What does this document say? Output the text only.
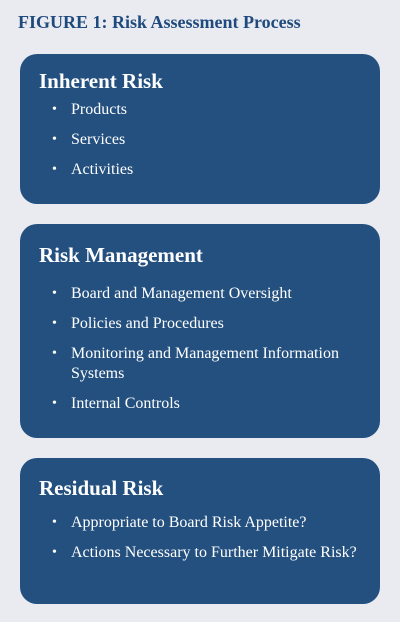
FIGURE 1: Risk Assessment Process
Inherent Risk
• Products
• Services
• Activities
Risk Management
• Board and Management Oversight
• Policies and Procedures
• Monitoring and Management Information Systems
• Internal Controls
Residual Risk
• Appropriate to Board Risk Appetite?
• Actions Necessary to Further Mitigate Risk?
